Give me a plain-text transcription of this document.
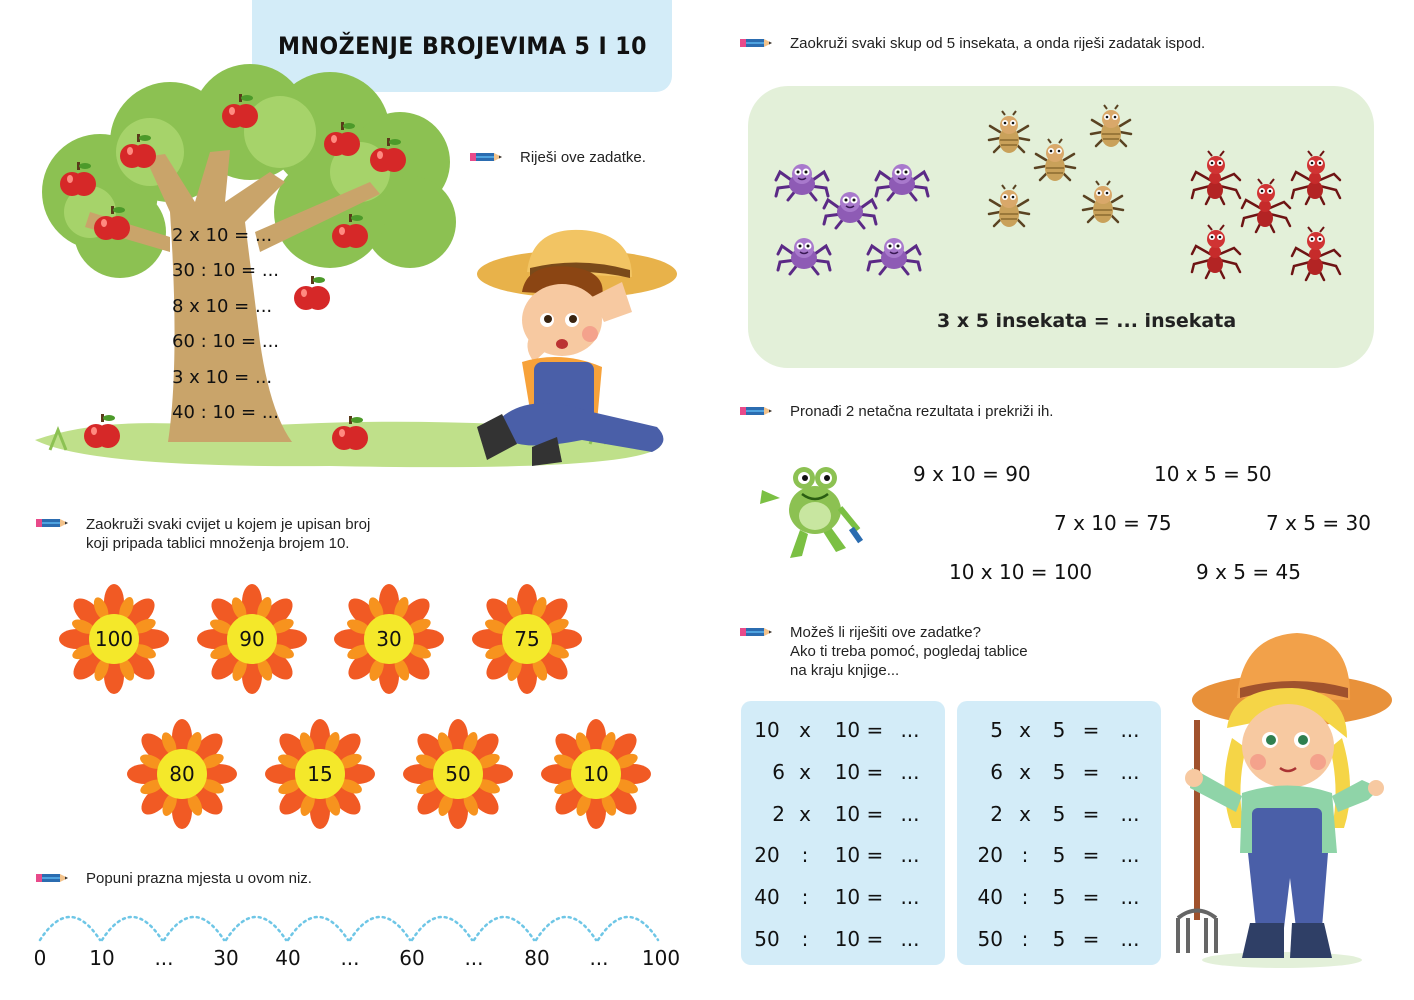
MNOŽENJE BROJEVIMA 5 I 10
2 x 10 = ...
30 : 10 = ...
8 x 10 = ...
60 : 10 = ...
3 x 10 = ...
40 : 10 = ...
Riješi ove zadatke.
Zaokruži svaki cvijet u kojem je upisan broj
koji pripada tablici množenja brojem 10.
100	90	30	75
80	15	50	10
Popuni prazna mjesta u ovom niz.
0	10	...	30	40	...	60	...	80	...	100
Zaokruži svaki skup od 5 insekata, a onda riješi zadatak ispod.
3 x 5 insekata = ... insekata
Pronađi 2 netačna rezultata i prekriži ih.
9 x 10 = 90	10 x 5 = 50
7 x 10 = 75	7 x 5 = 30
10 x 10 = 100	9 x 5 = 45
Možeš li riješiti ove zadatke?
Ako ti treba pomoć, pogledaj tablice
na kraju knjige...
10 x 10 = ...
6 x 10 = ...
2 x 10 = ...
20	:	10 = ...
40	:	10 = ...
50	:	10 = ...
5 x 5 = ...
6 x 5 = ...
2 x 5 = ...
20 :	5 = ...
40 :	5 = ...
50 :	5 = ...
